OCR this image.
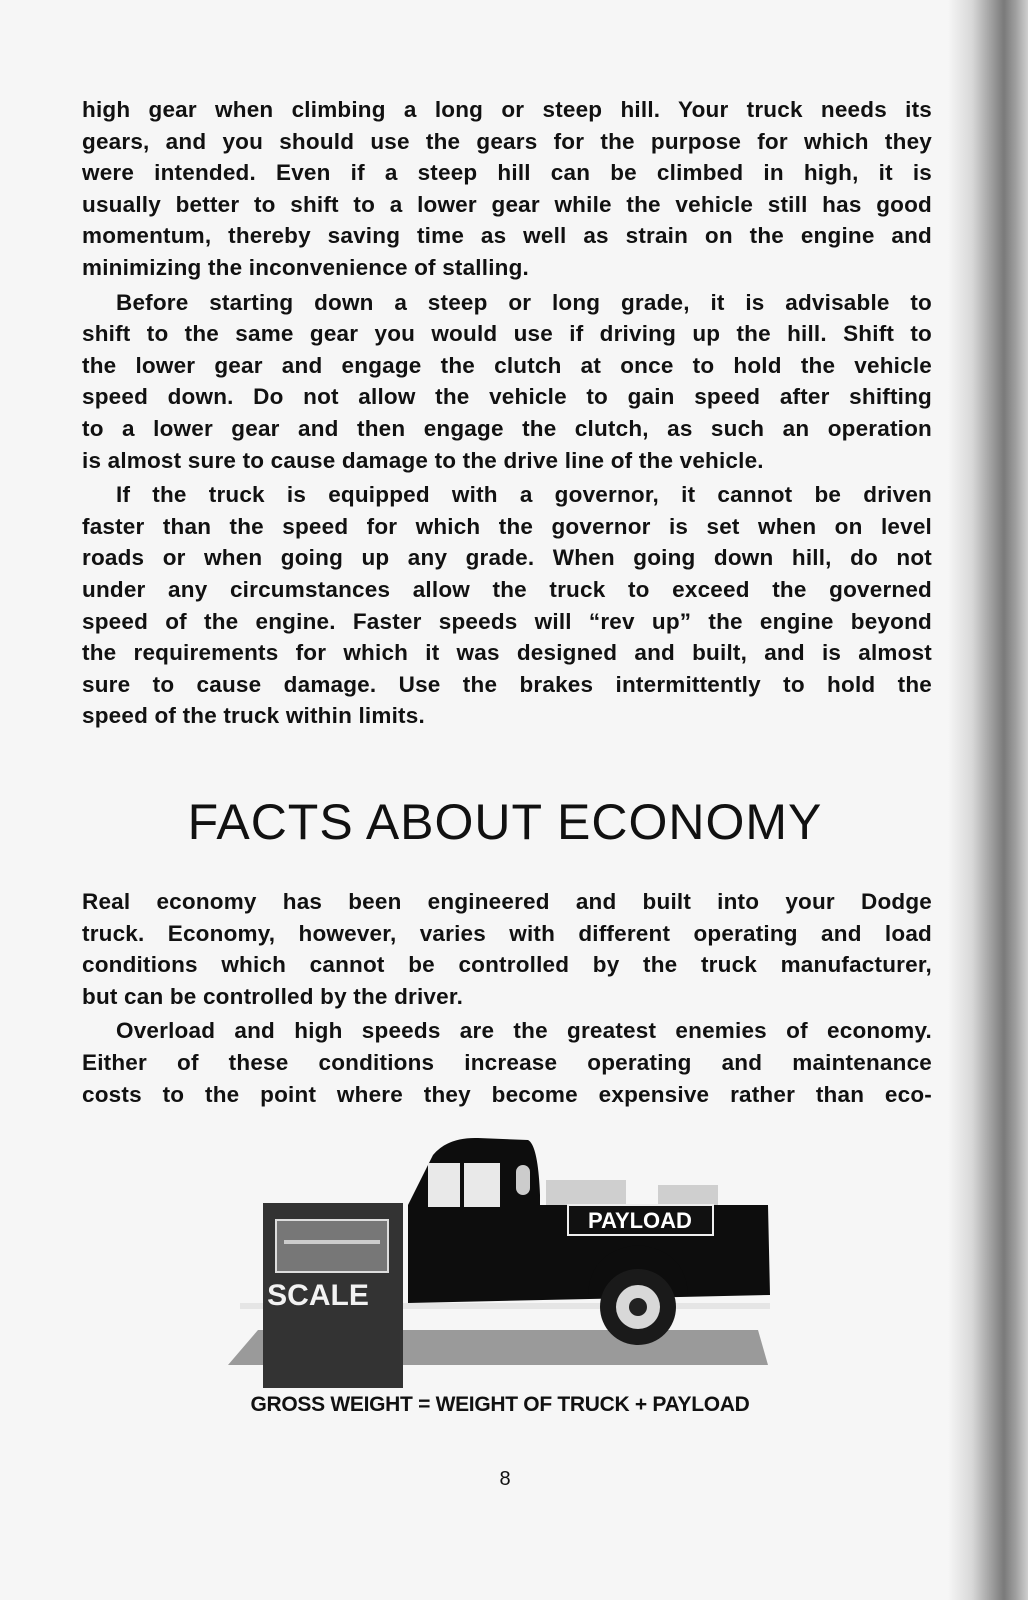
high gear when climbing a long or steep hill. Your truck needs its
gears, and you should use the gears for the purpose for which they
were intended. Even if a steep hill can be climbed in high, it is
usually better to shift to a lower gear while the vehicle still has good
momentum, thereby saving time as well as strain on the engine and
minimizing the inconvenience of stalling.
Before starting down a steep or long grade, it is advisable to
shift to the same gear you would use if driving up the hill. Shift to
the lower gear and engage the clutch at once to hold the vehicle
speed down. Do not allow the vehicle to gain speed after shifting
to a lower gear and then engage the clutch, as such an operation
is almost sure to cause damage to the drive line of the vehicle.
If the truck is equipped with a governor, it cannot be driven
faster than the speed for which the governor is set when on level
roads or when going up any grade. When going down hill, do not
under any circumstances allow the truck to exceed the governed
speed of the engine. Faster speeds will “rev up” the engine beyond
the requirements for which it was designed and built, and is almost
sure to cause damage. Use the brakes intermittently to hold the
speed of the truck within limits.
FACTS ABOUT ECONOMY
Real economy has been engineered and built into your Dodge
truck. Economy, however, varies with different operating and load
conditions which cannot be controlled by the truck manufacturer,
but can be controlled by the driver.
Overload and high speeds are the greatest enemies of economy.
Either of these conditions increase operating and maintenance
costs to the point where they become expensive rather than eco-
PAYLOAD
SCALE
GROSS WEIGHT = WEIGHT OF TRUCK + PAYLOAD
8
